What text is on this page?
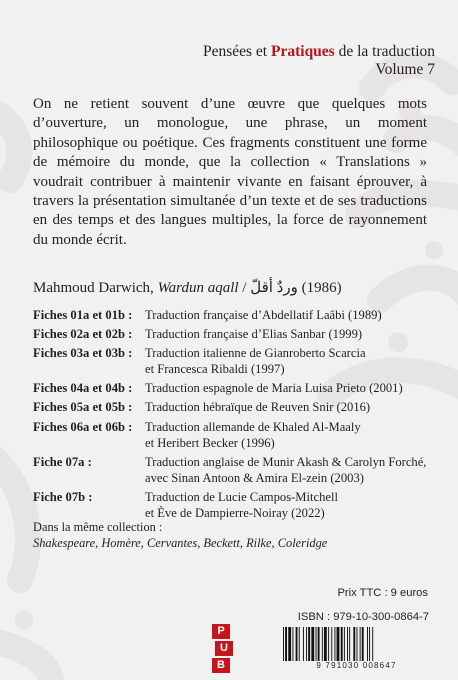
Pensées et Pratiques de la traduction
Volume 7
On ne retient souvent d’une œuvre que quelques mots d’ouverture, un monologue, une phrase, un moment philosophique ou poétique. Ces fragments constituent une forme de mémoire du monde, que la collection « Translations » voudrait contribuer à maintenir vivante en faisant éprouver, à travers la présentation simultanée d’un texte et de ses traductions en des temps et des langues multiples, la force de rayonnement du monde écrit.
Mahmoud Darwich, Wardun aqall / وردٌ أقلّ (1986)
Fiches 01a et 01b :	Traduction française d’Abdellatif Laâbi (1989)
Fiches 02a et 02b :	Traduction française d’Elias Sanbar (1999)
Fiches 03a et 03b :	Traduction italienne de Gianroberto Scarcia
et Francesca Ribaldi (1997)
Fiches 04a et 04b :	Traduction espagnole de Maria Luisa Prieto (2001)
Fiches 05a et 05b :	Traduction hébraïque de Reuven Snir (2016)
Fiches 06a et 06b :	Traduction allemande de Khaled Al-Maaly
et Heribert Becker (1996)
Fiche 07a :	Traduction anglaise de Munir Akash & Carolyn Forché,
avec Sinan Antoon & Amira El-zein (2003)
Fiche 07b :	Traduction de Lucie Campos-Mitchell
et Ève de Dampierre-Noiray (2022)
Dans la même collection :
Shakespeare, Homère, Cervantes, Beckett, Rilke, Coleridge
Prix TTC : 9 euros
ISBN : 979-10-300-0864-7
9 791030 008647
P
U
B
